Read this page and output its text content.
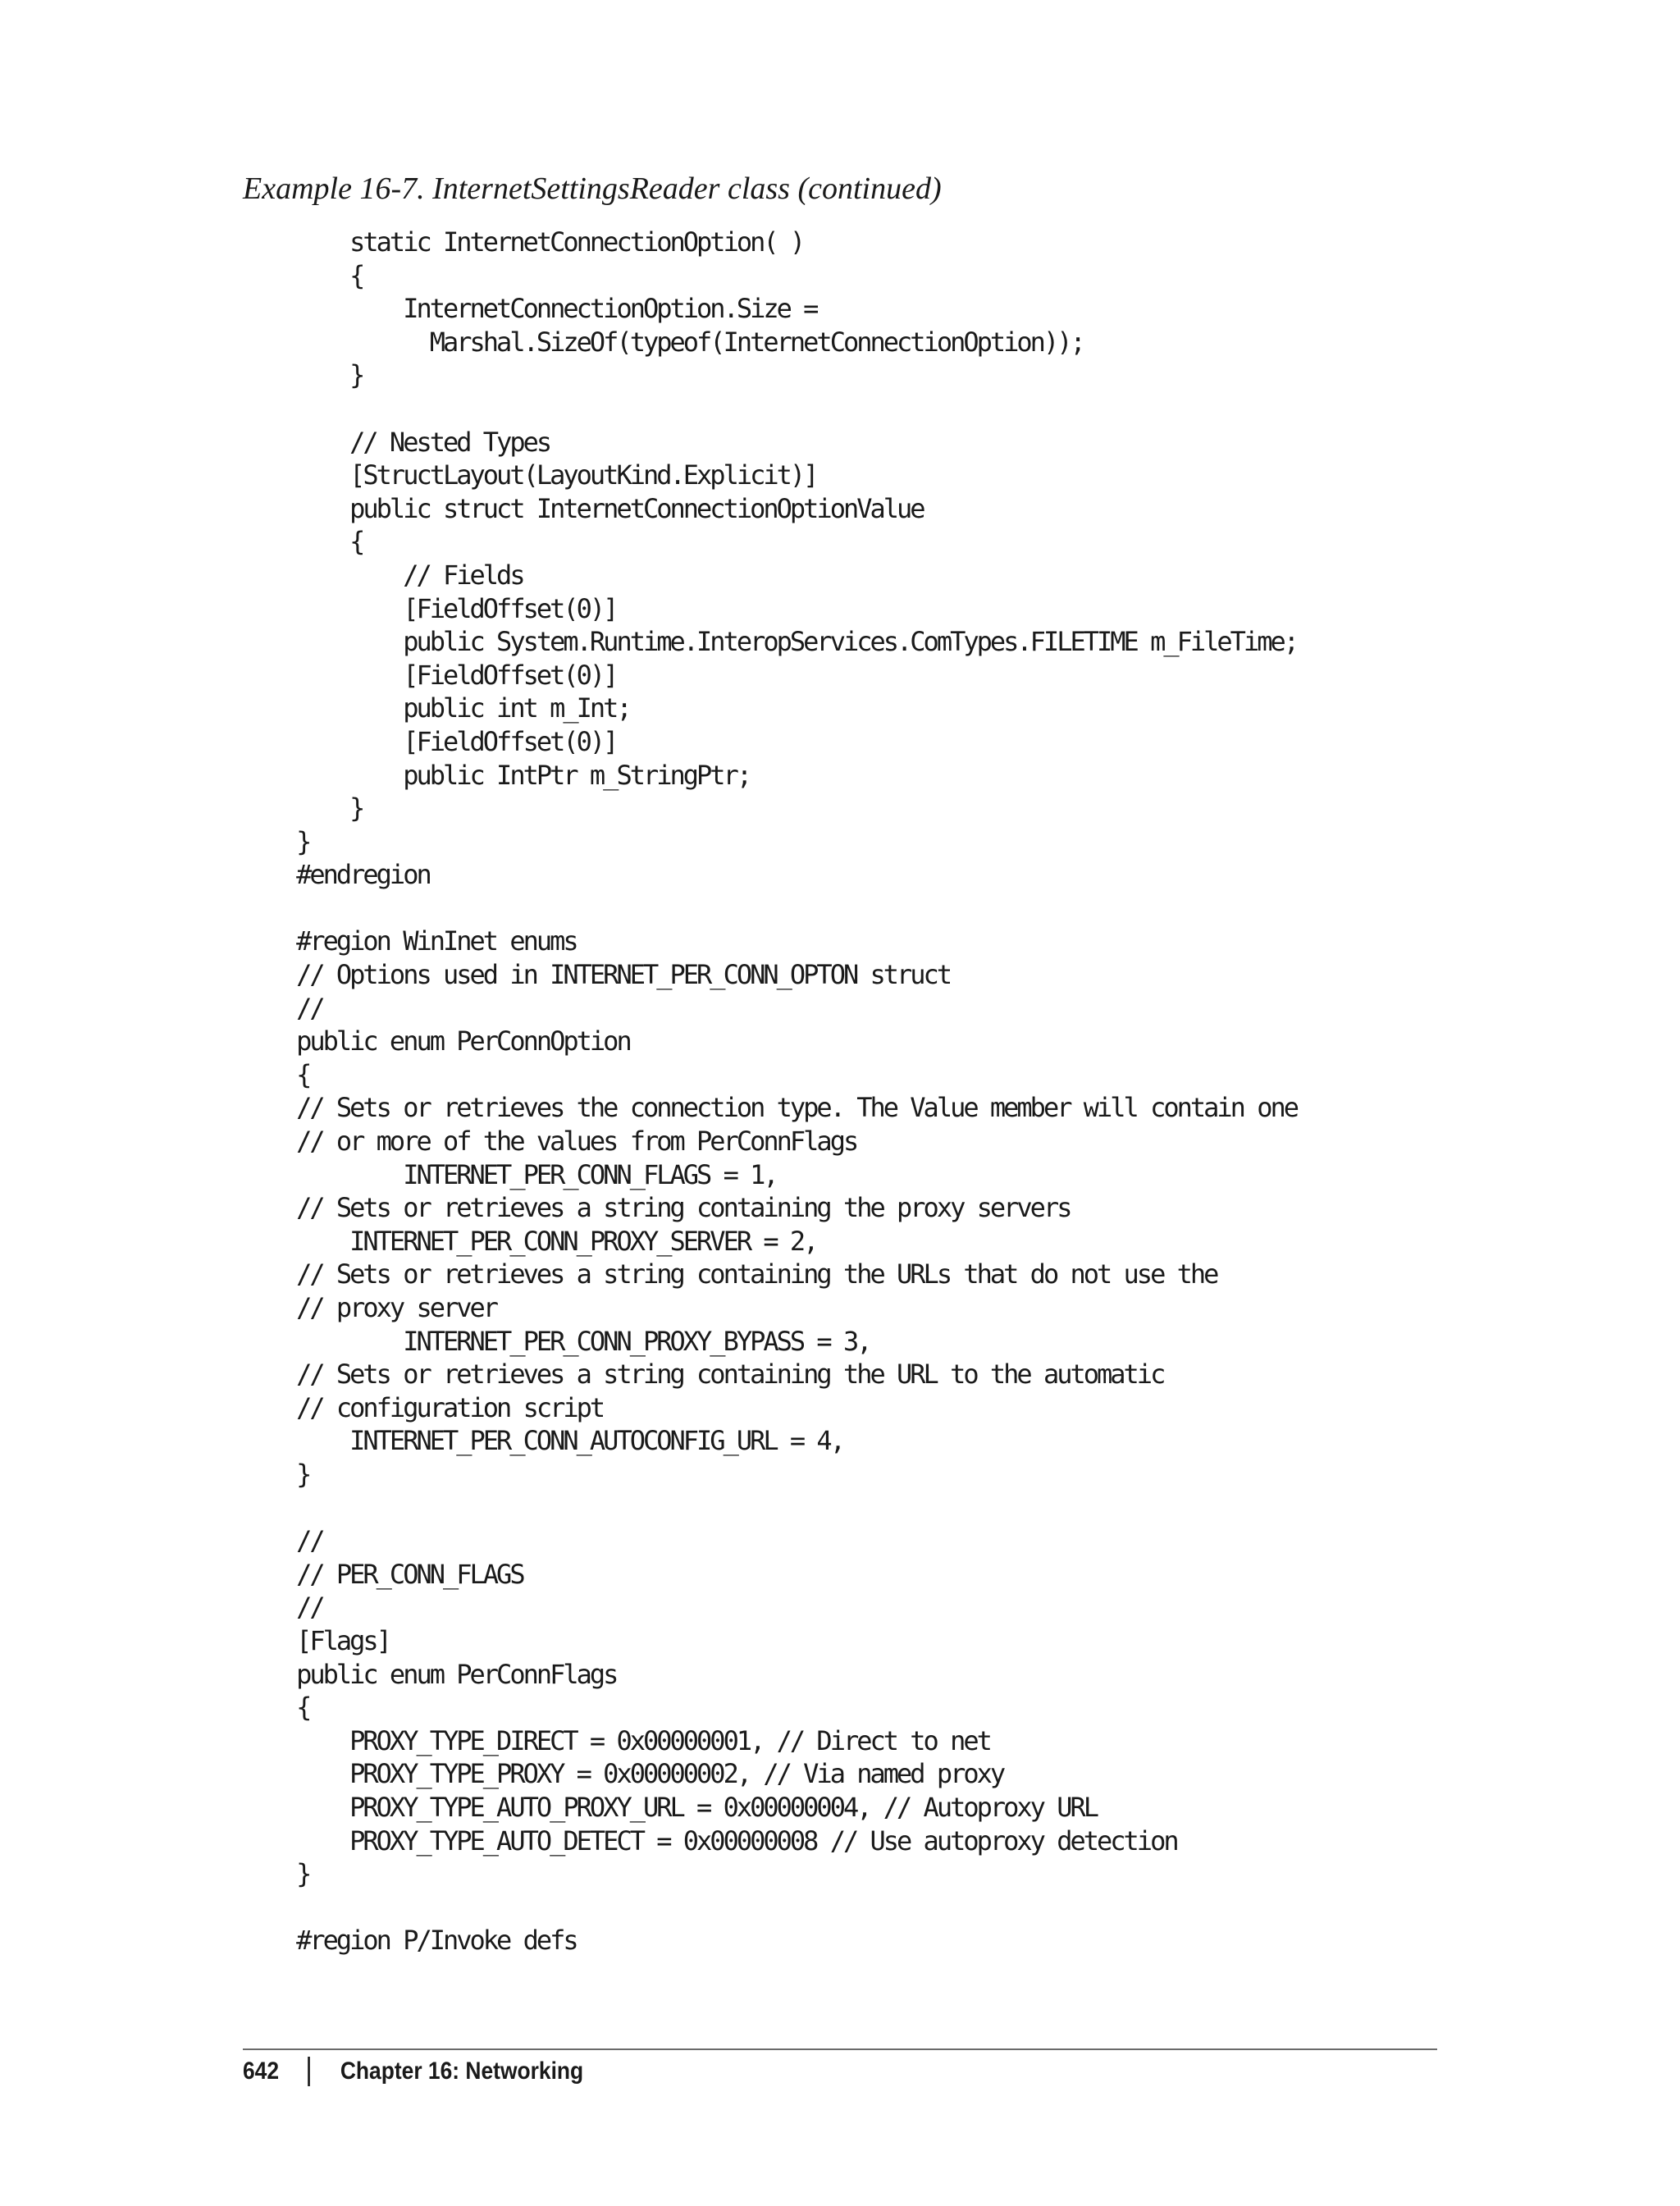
Example 16-7. InternetSettingsReader class (continued)

static InternetConnectionOption( )
{
InternetConnectionOption.Size =
Marshal.SizeOf(typeof(InternetConnectionOption));
}
// Nested Types
[StructLayout(LayoutKind.Explicit)]
public struct InternetConnectionOptionValue
{
// Fields
[FieldOffset(0)]
public System.Runtime.InteropServices.ComTypes.FILETIME m_FileTime;
[FieldOffset(0)]
public int m_Int;
[FieldOffset(0)]
public IntPtr m_StringPtr;
}
}
#endregion
#region WinInet enums
// Options used in INTERNET_PER_CONN_OPTON struct
//
public enum PerConnOption
{
// Sets or retrieves the connection type. The Value member will contain one
// or more of the values from PerConnFlags
INTERNET_PER_CONN_FLAGS = 1,
// Sets or retrieves a string containing the proxy servers
INTERNET_PER_CONN_PROXY_SERVER = 2,
// Sets or retrieves a string containing the URLs that do not use the
// proxy server
INTERNET_PER_CONN_PROXY_BYPASS = 3,
// Sets or retrieves a string containing the URL to the automatic
// configuration script
INTERNET_PER_CONN_AUTOCONFIG_URL = 4,
}
//
// PER_CONN_FLAGS
//
[Flags]
public enum PerConnFlags
{
PROXY_TYPE_DIRECT = 0x00000001, // Direct to net
PROXY_TYPE_PROXY = 0x00000002, // Via named proxy
PROXY_TYPE_AUTO_PROXY_URL = 0x00000004, // Autoproxy URL
PROXY_TYPE_AUTO_DETECT = 0x00000008 // Use autoproxy detection
}
#region P/Invoke defs
642 Chapter 16: Networking
